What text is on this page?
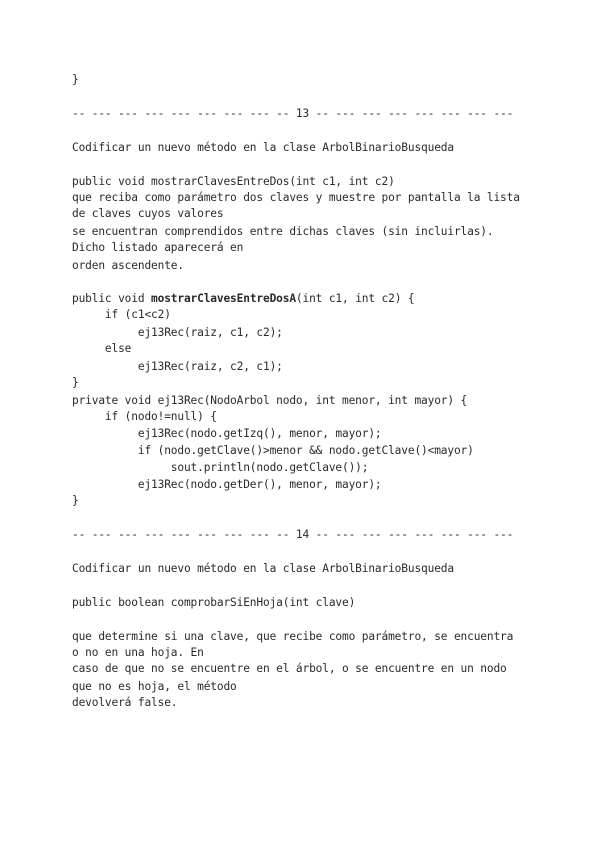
}
-- --- --- --- --- --- --- --- -- 13 -- --- --- --- --- --- --- ---
Codificar un nuevo método en la clase ArbolBinarioBusqueda
public void mostrarClavesEntreDos(int c1, int c2)
que reciba como parámetro dos claves y muestre por pantalla la lista
de claves cuyos valores
se encuentran comprendidos entre dichas claves (sin incluirlas).
Dicho listado aparecerá en
orden ascendente.
public void mostrarClavesEntreDosA(int c1, int c2) {
if (c1<c2)
ej13Rec(raiz, c1, c2);
else
ej13Rec(raiz, c2, c1);
}
private void ej13Rec(NodoArbol nodo, int menor, int mayor) {
if (nodo!=null) {
ej13Rec(nodo.getIzq(), menor, mayor);
if (nodo.getClave()>menor && nodo.getClave()<mayor)
sout.println(nodo.getClave());
ej13Rec(nodo.getDer(), menor, mayor);
}
-- --- --- --- --- --- --- --- -- 14 -- --- --- --- --- --- --- ---
Codificar un nuevo método en la clase ArbolBinarioBusqueda
public boolean comprobarSiEnHoja(int clave)
que determine si una clave, que recibe como parámetro, se encuentra
o no en una hoja. En
caso de que no se encuentre en el árbol, o se encuentre en un nodo
que no es hoja, el método
devolverá false.
